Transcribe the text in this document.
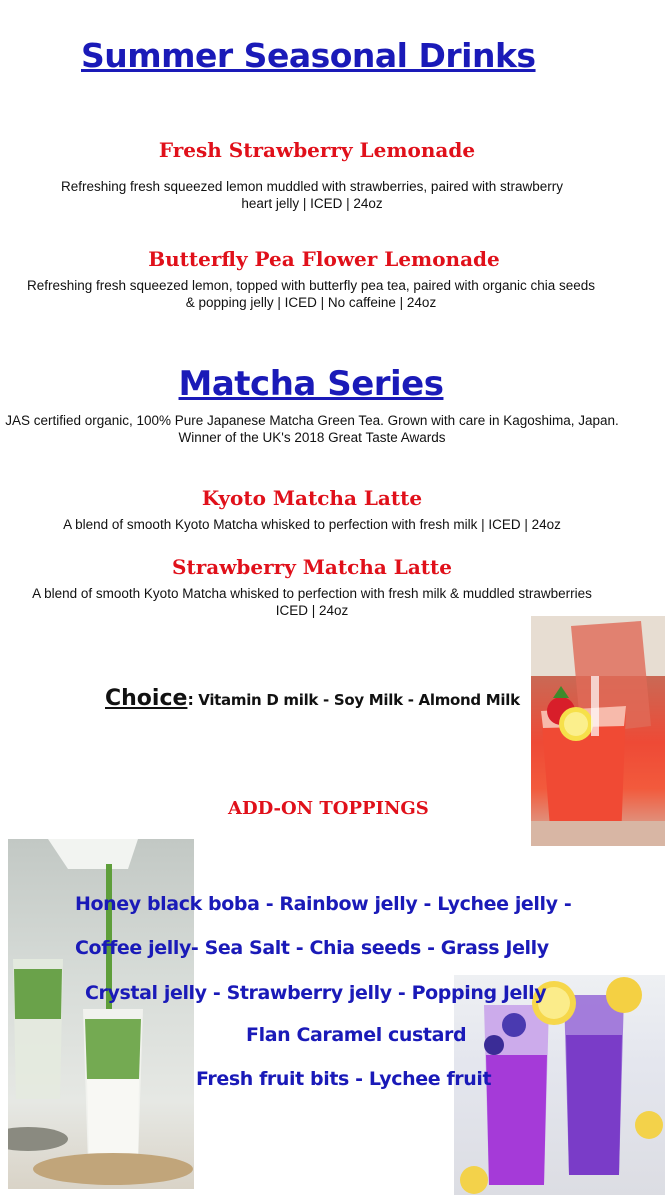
Summer Seasonal Drinks
Fresh Strawberry Lemonade
Refreshing fresh squeezed lemon muddled with strawberries, paired with strawberry
heart jelly | ICED | 24oz
Butterfly Pea Flower Lemonade
Refreshing fresh squeezed lemon, topped with butterfly pea tea, paired with organic chia seeds
& popping jelly | ICED | No caffeine | 24oz
Matcha Series
JAS certified organic, 100% Pure Japanese Matcha Green Tea. Grown with care in Kagoshima, Japan.
Winner of the UK's 2018 Great Taste Awards
Kyoto Matcha Latte
A blend of smooth Kyoto Matcha whisked to perfection with fresh milk | ICED | 24oz
Strawberry Matcha Latte
A blend of smooth Kyoto Matcha whisked to perfection with fresh milk & muddled strawberries
ICED | 24oz
Choice: Vitamin D milk - Soy Milk - Almond Milk
ADD-ON TOPPINGS
Honey black boba - Rainbow jelly - Lychee jelly -
Coffee jelly- Sea Salt - Chia seeds - Grass Jelly
Crystal jelly - Strawberry jelly - Popping Jelly
Flan Caramel custard
Fresh fruit bits - Lychee fruit
